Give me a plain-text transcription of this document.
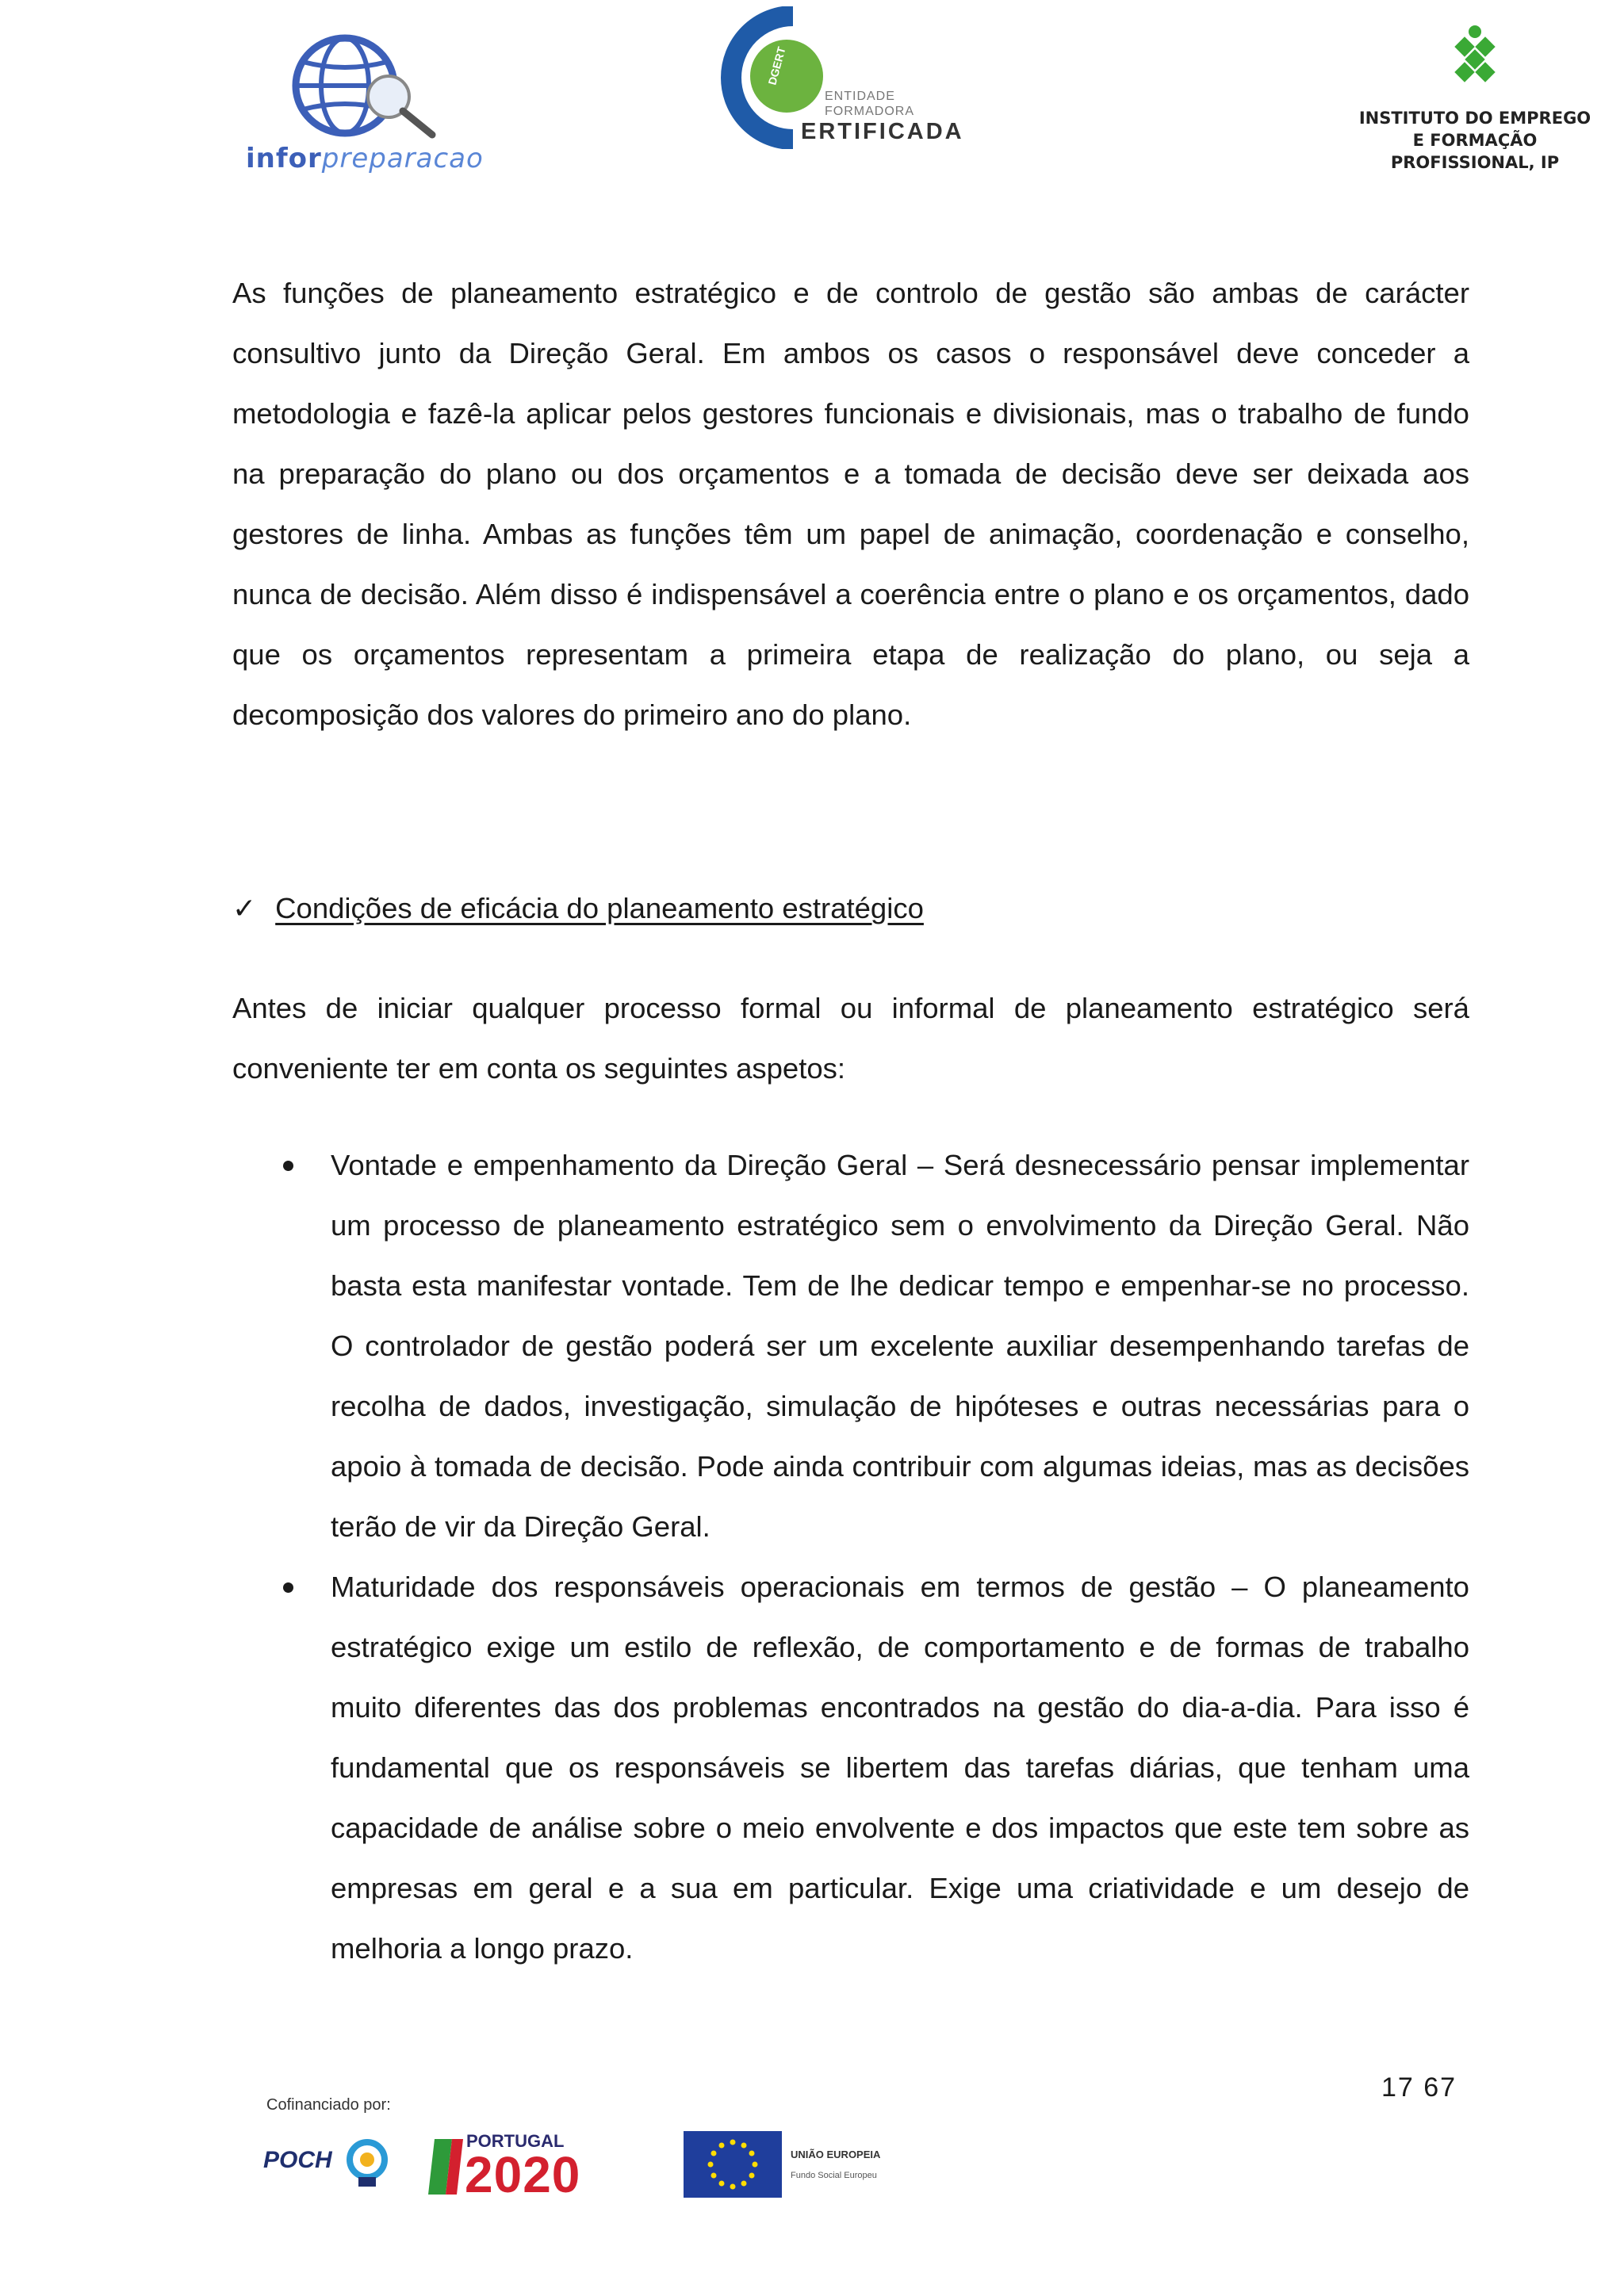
inforpreparacao
DGERT
ENTIDADE
FORMADORA
ERTIFICADA
INSTITUTO DO EMPREGO
E FORMAÇÃO PROFISSIONAL, IP

As funções de planeamento estratégico e de controlo de gestão são ambas de carácter consultivo junto da Direção Geral. Em ambos os casos o responsável deve conceder a metodologia e fazê-la aplicar pelos gestores funcionais e divisionais, mas o trabalho de fundo na preparação do plano ou dos orçamentos e a tomada de decisão deve ser deixada aos gestores de linha. Ambas as funções têm um papel de animação, coordenação e conselho, nunca de decisão. Além disso é indispensável a coerência entre o plano e os orçamentos, dado que os orçamentos representam a primeira etapa de realização do plano, ou seja a decomposição dos valores do primeiro ano do plano.

✓ Condições de eficácia do planeamento estratégico

Antes de iniciar qualquer processo formal ou informal de planeamento estratégico será conveniente ter em conta os seguintes aspetos:

Vontade e empenhamento da Direção Geral – Será desnecessário pensar implementar um processo de planeamento estratégico sem o envolvimento da Direção Geral. Não basta esta manifestar vontade. Tem de lhe dedicar tempo e empenhar-se no processo. O controlador de gestão poderá ser um excelente auxiliar desempenhando tarefas de recolha de dados, investigação, simulação de hipóteses e outras necessárias para o apoio à tomada de decisão. Pode ainda contribuir com algumas ideias, mas as decisões terão de vir da Direção Geral.
Maturidade dos responsáveis operacionais em termos de gestão – O planeamento estratégico exige um estilo de reflexão, de comportamento e de formas de trabalho muito diferentes das dos problemas encontrados na gestão do dia-a-dia. Para isso é fundamental que os responsáveis se libertem das tarefas diárias, que tenham uma capacidade de análise sobre o meio envolvente e dos impactos que este tem sobre as empresas em geral e a sua em particular. Exige uma criatividade e um desejo de melhoria a longo prazo.
17 67
Cofinanciado por:
POCH
PORTUGAL
2020	UNIÃO EUROPEIA
Fundo Social Europeu
